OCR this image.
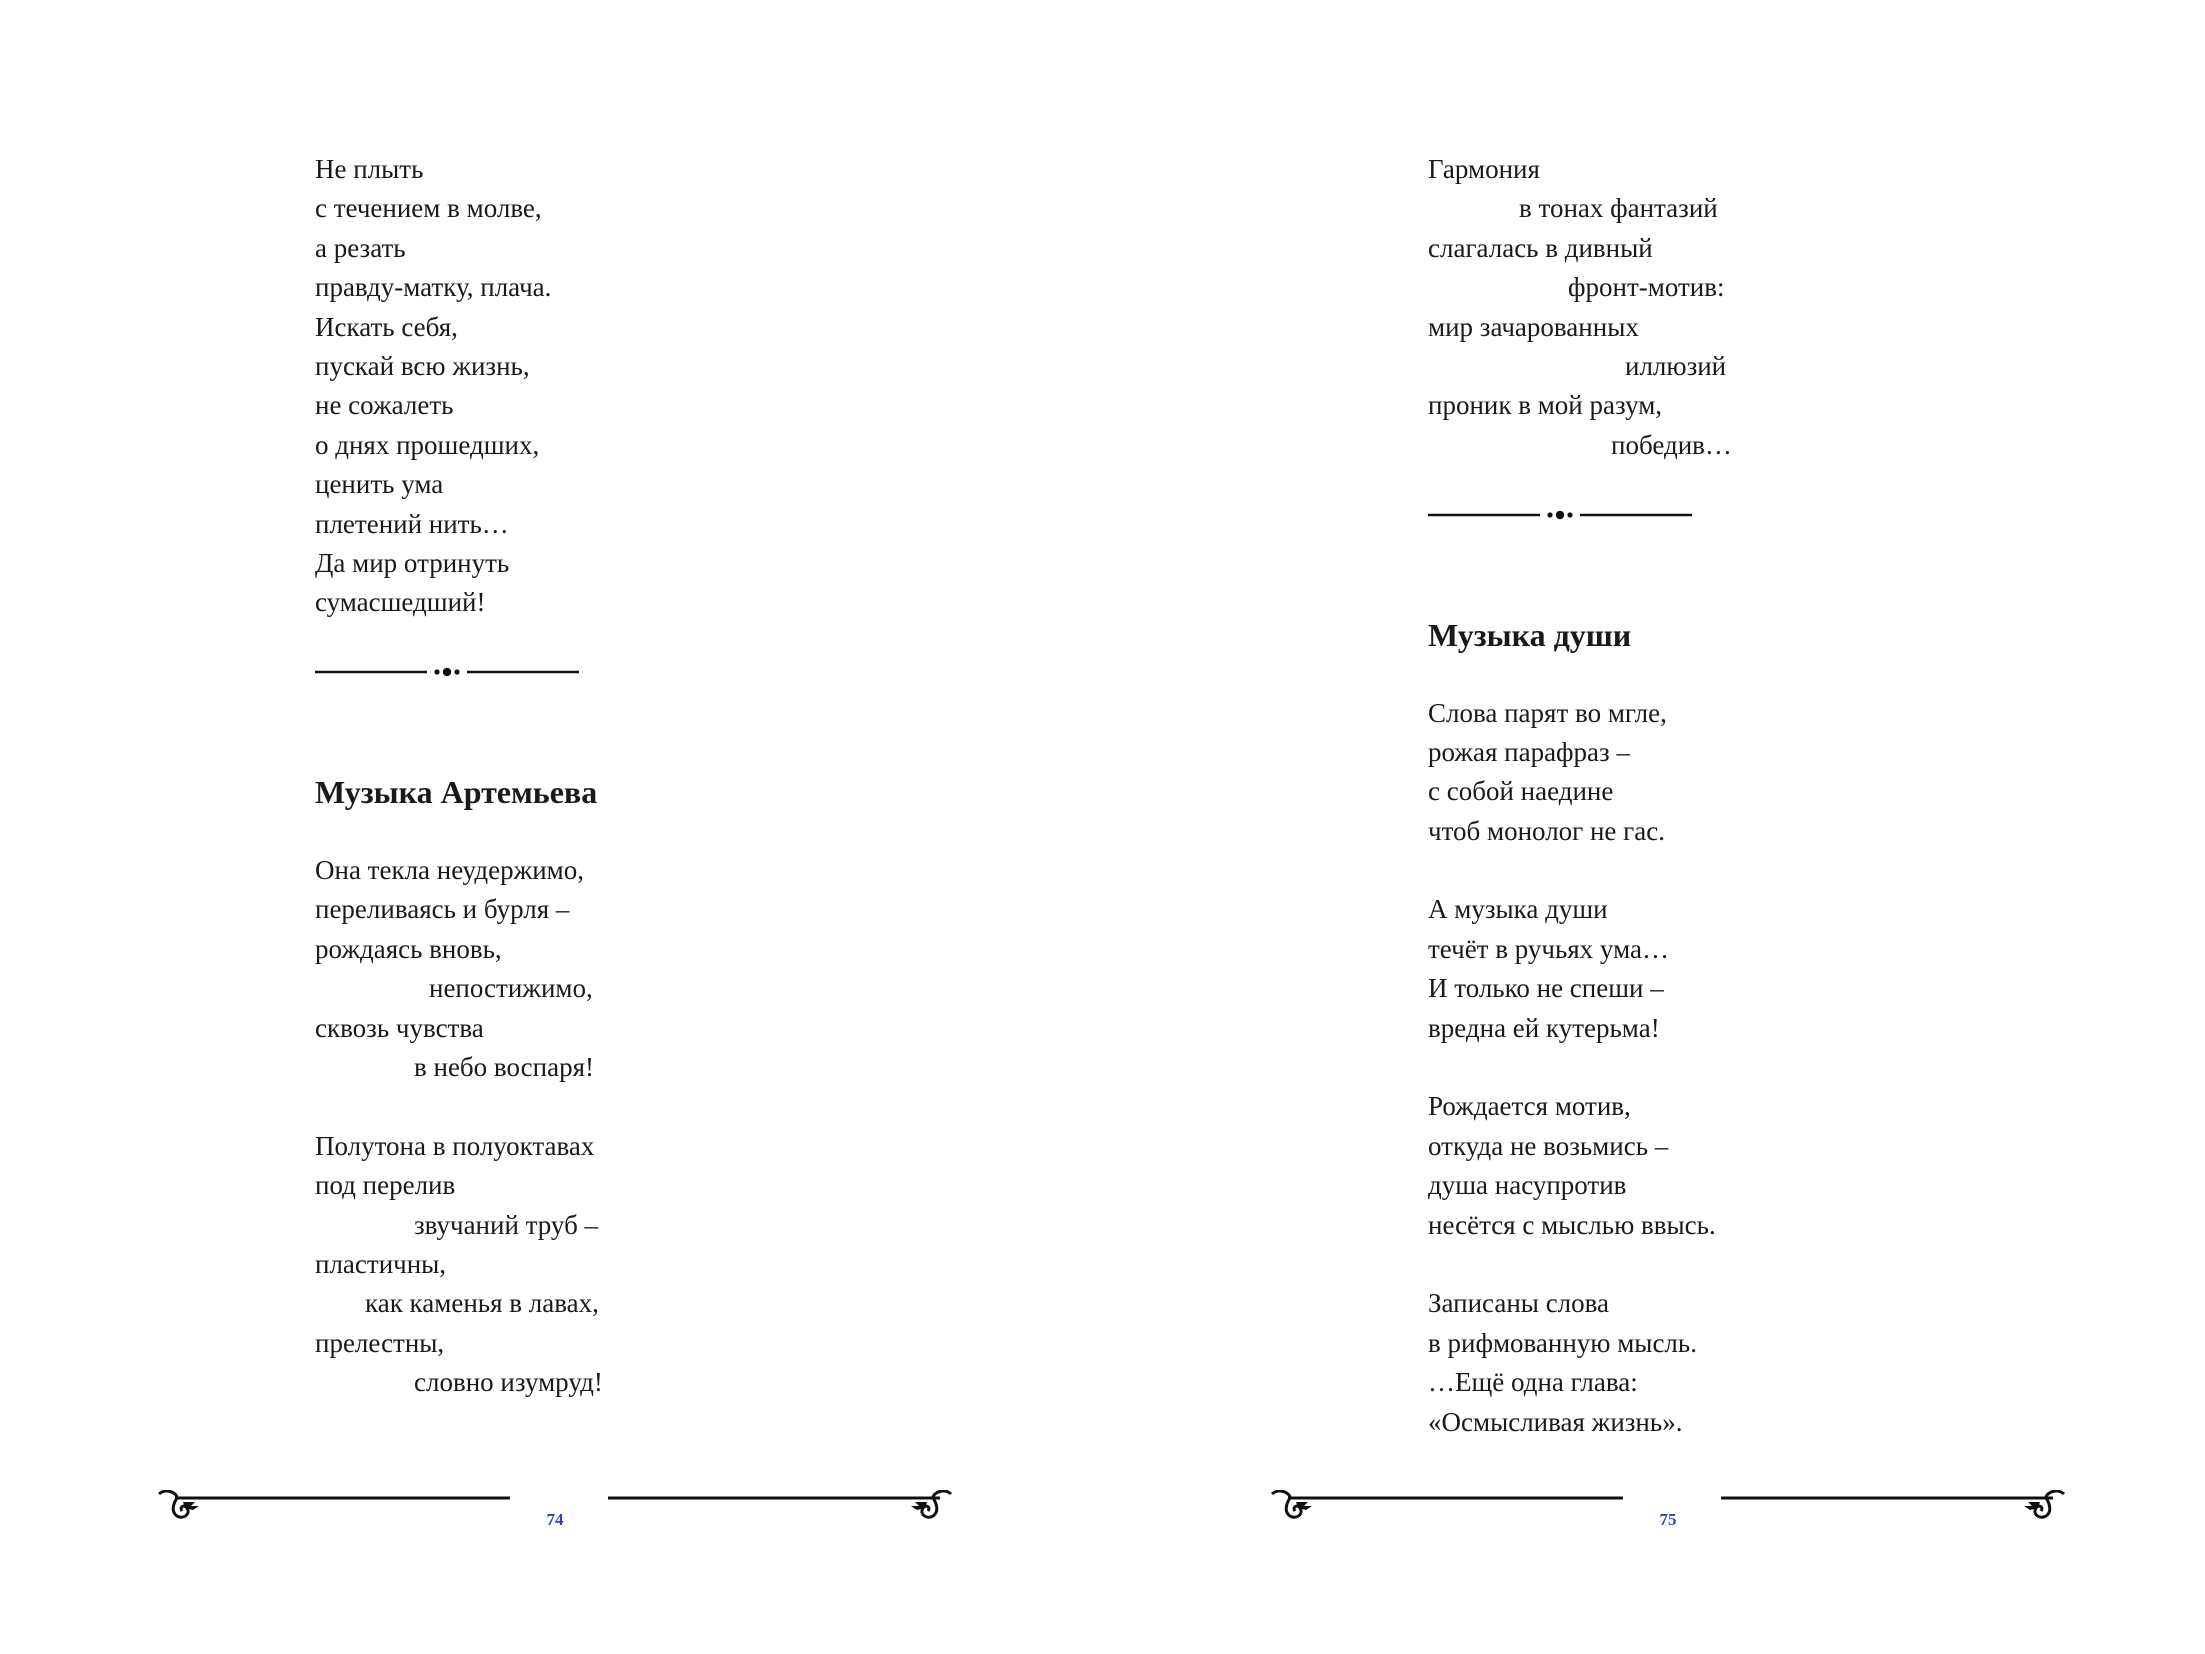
Не плыть
с течением в молве,
а резать
правду-матку, плача.
Искать себя,
пускай всю жизнь,
не сожалеть
о днях прошедших,
ценить ума
плетений нить…
Да мир отринуть
сумасшедший!
Музыка Артемьева
Она текла неудержимо,
переливаясь и бурля –
рождаясь вновь,
непостижимо,
сквозь чувства
в небо воспаря!
Полутона в полуоктавах
под перелив
звучаний труб –
пластичны,
как каменья в лавах,
прелестны,
словно изумруд!
74
Гармония
в тонах фантазий
слагалась в дивный
фронт-мотив:
мир зачарованных
иллюзий
проник в мой разум,
победив…
Музыка души
Слова парят во мгле,
рожая парафраз –
с собой наедине
чтоб монолог не гас.
А музыка души
течёт в ручьях ума…
И только не спеши –
вредна ей кутерьма!
Рождается мотив,
откуда не возьмись –
душа насупротив
несётся с мыслью ввысь.
Записаны слова
в рифмованную мысль.
…Ещё одна глава:
«Осмысливая жизнь».
75
